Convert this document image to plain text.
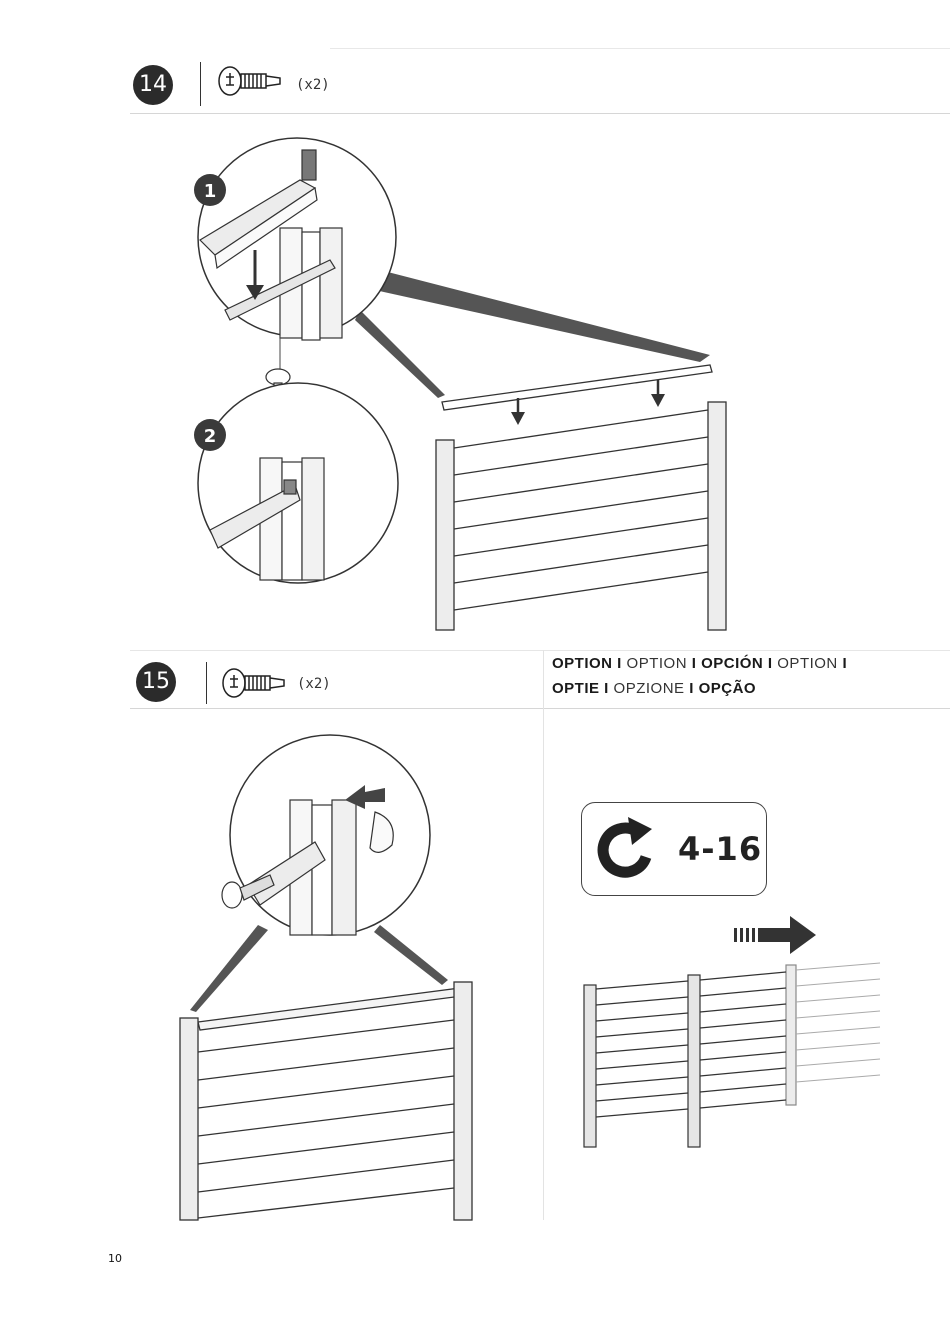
14	(x2)
1
2
15	(x2)
OPTION I OPTION I OPCIÓN I OPTION I
OPTIE I OPZIONE I OPÇÃO
4-16
10
